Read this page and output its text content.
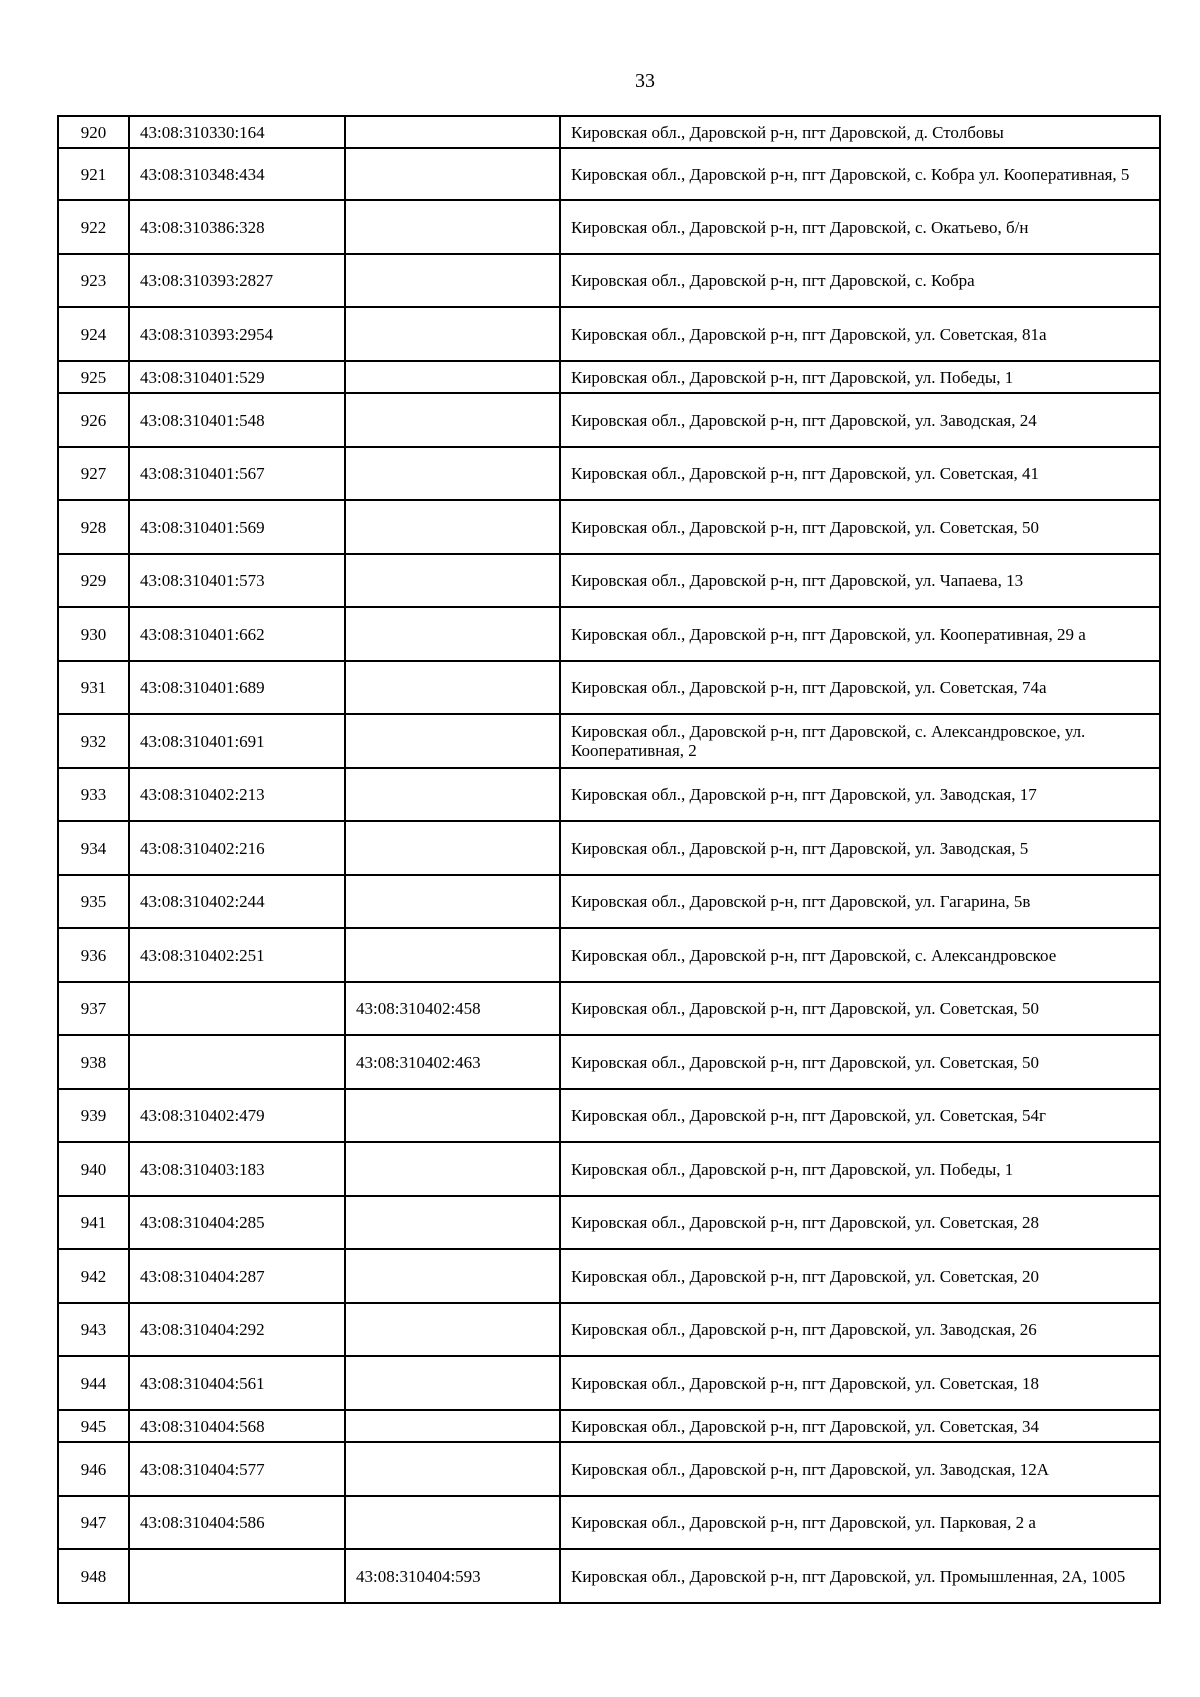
33
920	43:08:310330:164		Кировская обл., Даровской р-н, пгт Даровской, д. Столбовы
921	43:08:310348:434		Кировская обл., Даровской р-н, пгт Даровской, с. Кобра ул. Кооперативная, 5
922	43:08:310386:328		Кировская обл., Даровской р-н, пгт Даровской, с. Окатьево, б/н
923	43:08:310393:2827		Кировская обл., Даровской р-н, пгт Даровской, с. Кобра
924	43:08:310393:2954		Кировская обл., Даровской р-н, пгт Даровской, ул. Советская, 81а
925	43:08:310401:529		Кировская обл., Даровской р-н, пгт Даровской, ул. Победы, 1
926	43:08:310401:548		Кировская обл., Даровской р-н, пгт Даровской, ул. Заводская, 24
927	43:08:310401:567		Кировская обл., Даровской р-н, пгт Даровской, ул. Советская, 41
928	43:08:310401:569		Кировская обл., Даровской р-н, пгт Даровской, ул. Советская, 50
929	43:08:310401:573		Кировская обл., Даровской р-н, пгт Даровской, ул. Чапаева, 13
930	43:08:310401:662		Кировская обл., Даровской р-н, пгт Даровской, ул. Кооперативная, 29 а
931	43:08:310401:689		Кировская обл., Даровской р-н, пгт Даровской, ул. Советская, 74а
932	43:08:310401:691		Кировская обл., Даровской р-н, пгт Даровской, с. Александровское, ул. Кооперативная, 2
933	43:08:310402:213		Кировская обл., Даровской р-н, пгт Даровской, ул. Заводская, 17
934	43:08:310402:216		Кировская обл., Даровской р-н, пгт Даровской, ул. Заводская, 5
935	43:08:310402:244		Кировская обл., Даровской р-н, пгт Даровской, ул. Гагарина, 5в
936	43:08:310402:251		Кировская обл., Даровской р-н, пгт Даровской, с. Александровское
937		43:08:310402:458	Кировская обл., Даровской р-н, пгт Даровской, ул. Советская, 50
938		43:08:310402:463	Кировская обл., Даровской р-н, пгт Даровской, ул. Советская, 50
939	43:08:310402:479		Кировская обл., Даровской р-н, пгт Даровской, ул. Советская, 54г
940	43:08:310403:183		Кировская обл., Даровской р-н, пгт Даровской, ул. Победы, 1
941	43:08:310404:285		Кировская обл., Даровской р-н, пгт Даровской, ул. Советская, 28
942	43:08:310404:287		Кировская обл., Даровской р-н, пгт Даровской, ул. Советская, 20
943	43:08:310404:292		Кировская обл., Даровской р-н, пгт Даровской, ул. Заводская, 26
944	43:08:310404:561		Кировская обл., Даровской р-н, пгт Даровской, ул. Советская, 18
945	43:08:310404:568		Кировская обл., Даровской р-н, пгт Даровской, ул. Советская, 34
946	43:08:310404:577		Кировская обл., Даровской р-н, пгт Даровской, ул. Заводская, 12А
947	43:08:310404:586		Кировская обл., Даровской р-н, пгт Даровской, ул. Парковая, 2 а
948		43:08:310404:593	Кировская обл., Даровской р-н, пгт Даровской, ул. Промышленная, 2А, 1005
